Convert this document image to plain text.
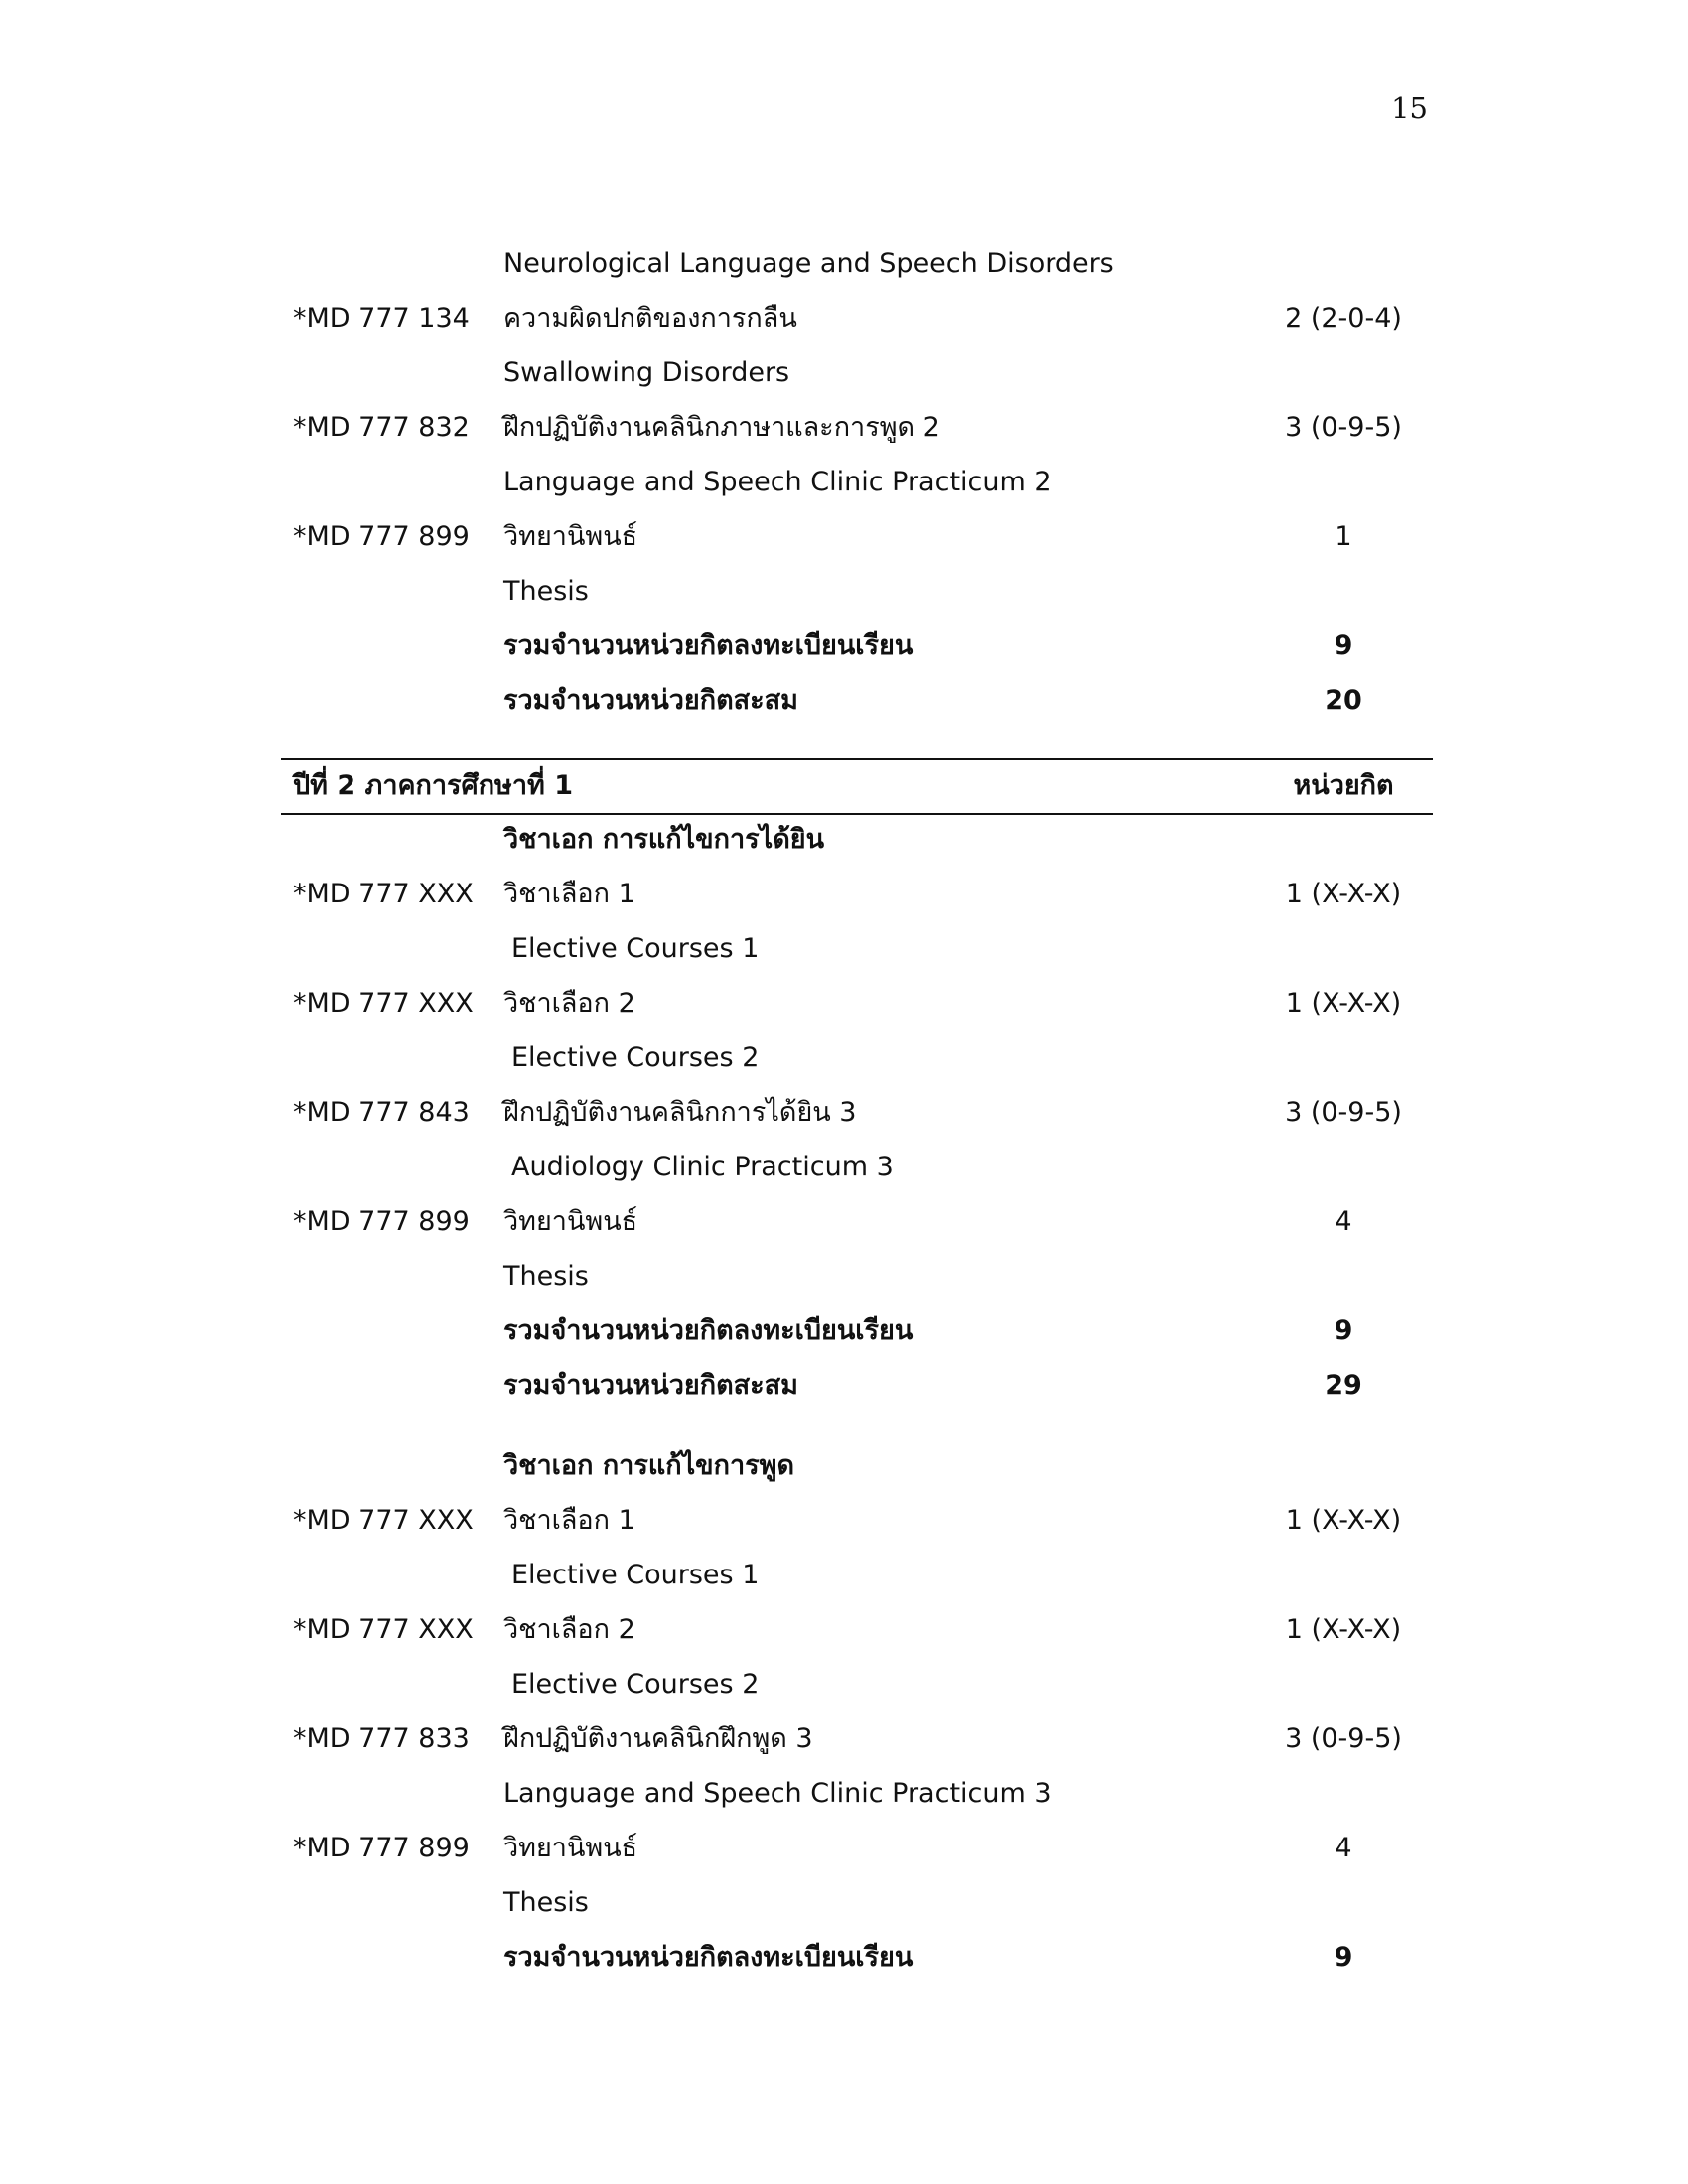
15
Neurological Language and Speech Disorders
*MD 777 134 ความผิดปกติของการกลืน	2 (2-0-4)
Swallowing Disorders
*MD 777 832 ฝึกปฏิบัติงานคลินิกภาษาและการพูด 2	3 (0-9-5)
Language and Speech Clinic Practicum 2
*MD 777 899 วิทยานิพนธ์	1
Thesis
รวมจำนวนหน่วยกิตลงทะเบียนเรียน	9
รวมจำนวนหน่วยกิตสะสม	20
ปีที่ 2 ภาคการศึกษาที่ 1	หน่วยกิต
วิชาเอก การแก้ไขการได้ยิน
*MD 777 XXX วิชาเลือก 1	1 (X-X-X)
Elective Courses 1
*MD 777 XXX วิชาเลือก 2	1 (X-X-X)
Elective Courses 2
*MD 777 843 ฝึกปฏิบัติงานคลินิกการได้ยิน 3	3 (0-9-5)
Audiology Clinic Practicum 3
*MD 777 899 วิทยานิพนธ์	4
Thesis
รวมจำนวนหน่วยกิตลงทะเบียนเรียน	9
รวมจำนวนหน่วยกิตสะสม	29
วิชาเอก การแก้ไขการพูด
*MD 777 XXX วิชาเลือก 1	1 (X-X-X)
Elective Courses 1
*MD 777 XXX วิชาเลือก 2	1 (X-X-X)
Elective Courses 2
*MD 777 833 ฝึกปฏิบัติงานคลินิกฝึกพูด 3	3 (0-9-5)
Language and Speech Clinic Practicum 3
*MD 777 899 วิทยานิพนธ์	4
Thesis
รวมจำนวนหน่วยกิตลงทะเบียนเรียน	9
